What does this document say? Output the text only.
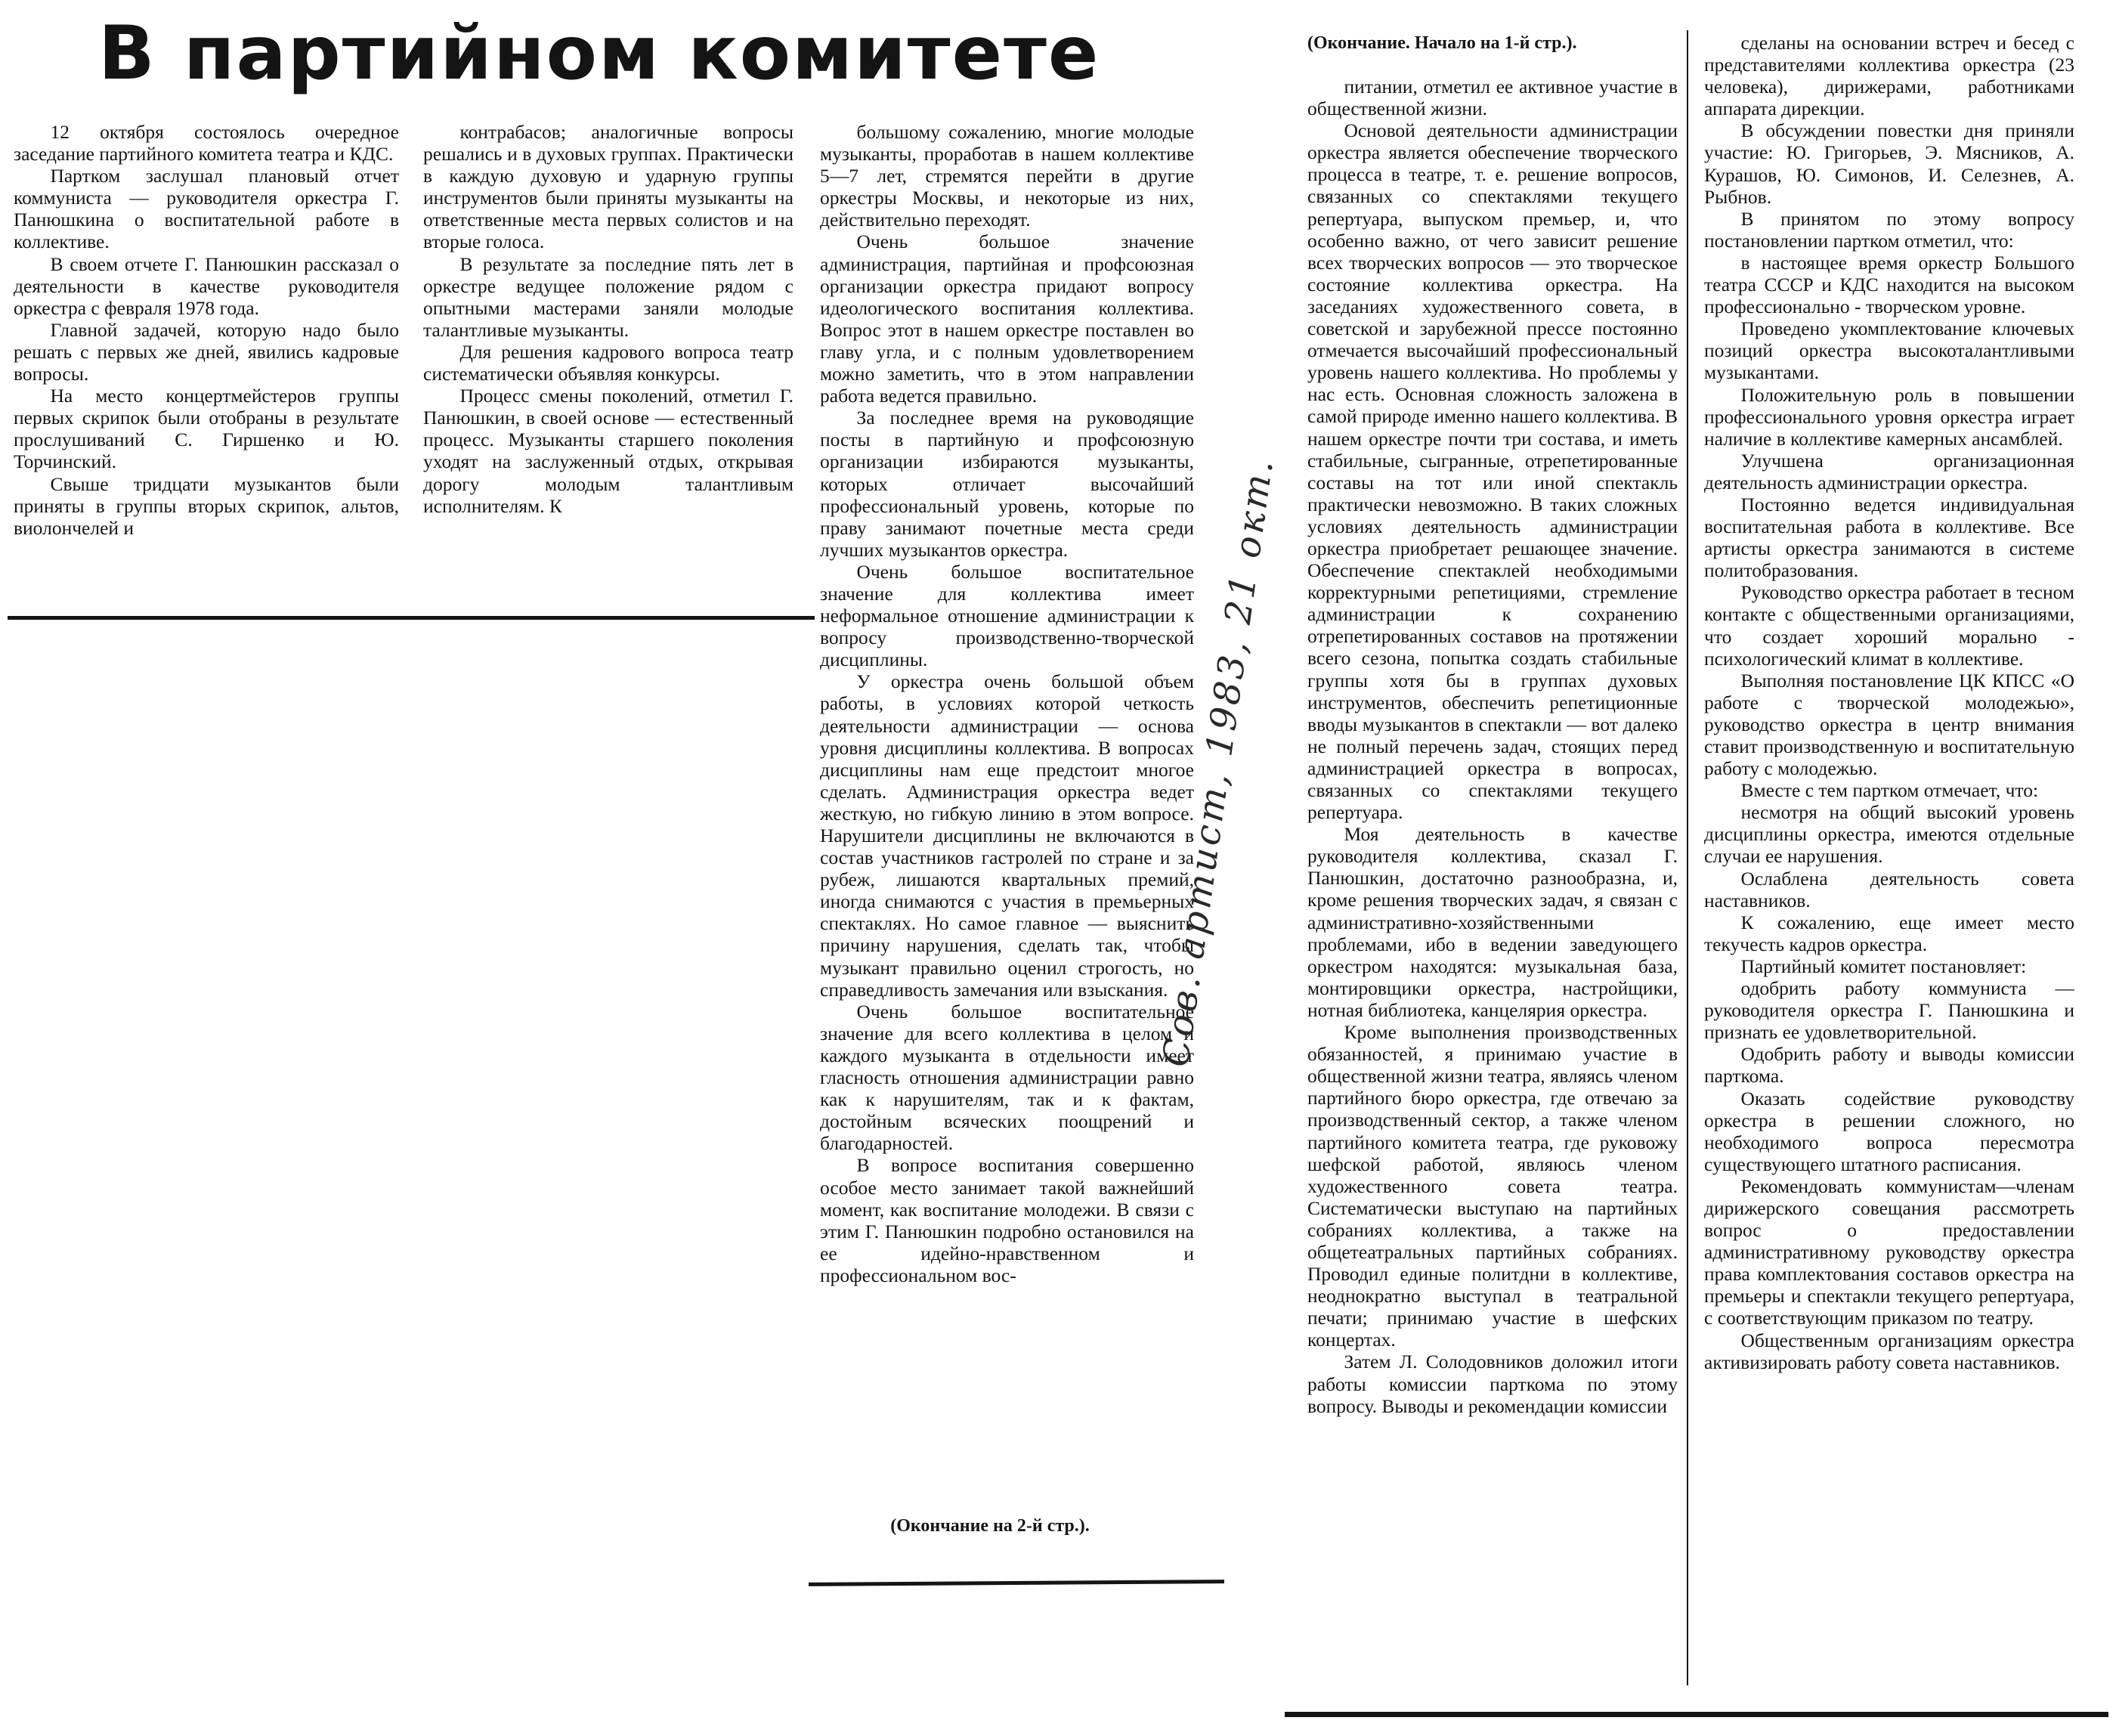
В партийном комитете	(Окончание. Начало на 1-й стр.).

12 октября состоялось очередное заседание партийного комитета театра и КДС.

Партком заслушал плановый отчет коммуниста — руководителя оркестра Г. Панюшкина о воспитательной работе в коллективе.

В своем отчете Г. Панюшкин рассказал о деятельности в качестве руководителя оркестра с февраля 1978 года.

Главной задачей, которую надо было решать с первых же дней, явились кадровые вопросы.

На место концертмейстеров группы первых скрипок были отобраны в результате прослушиваний С. Гиршенко и Ю. Торчинский.

Свыше тридцати музыкантов были приняты в группы вторых скрипок, альтов, виолончелей и

контрабасов; аналогичные вопросы решались и в духовых группах. Практически в каждую духовую и ударную группы инструментов были приняты музыканты на ответственные места первых солистов и на вторые голоса.

В результате за последние пять лет в оркестре ведущее положение рядом с опытными мастерами заняли молодые талантливые музыканты.

Для решения кадрового вопроса театр систематически объявляя конкурсы.

Процесс смены поколений, отметил Г. Панюшкин, в своей основе — естественный процесс. Музыканты старшего поколения уходят на заслуженный отдых, открывая дорогу молодым талантливым исполнителям. К

большому сожалению, многие молодые музыканты, проработав в нашем коллективе 5—7 лет, стремятся перейти в другие оркестры Москвы, и некоторые из них, действительно переходят.

Очень большое значение администрация, партийная и профсоюзная организации оркестра придают вопросу идеологического воспитания коллектива. Вопрос этот в нашем оркестре поставлен во главу угла, и с полным удовлетворением можно заметить, что в этом направлении работа ведется правильно.

За последнее время на руководящие посты в партийную и профсоюзную организации избираются музыканты, которых отличает высочайший профессиональный уровень, которые по праву занимают почетные места среди лучших музыкантов оркестра.

Очень большое воспитательное значение для коллектива имеет неформальное отношение администрации к вопросу производственно-творческой дисциплины.

У оркестра очень большой объем работы, в условиях которой четкость деятельности администрации — основа уровня дисциплины коллектива. В вопросах дисциплины нам еще предстоит многое сделать. Администрация оркестра ведет жесткую, но гибкую линию в этом вопросе. Нарушители дисциплины не включаются в состав участников гастролей по стране и за рубеж, лишаются квартальных премий, иногда снимаются с участия в премьерных спектаклях. Но самое главное — выяснить причину нарушения, сделать так, чтобы музыкант правильно оценил строгость, но справедливость замечания или взыскания.

Очень большое воспитательное значение для всего коллектива в целом и каждого музыканта в отдельности имеет гласность отношения администрации равно как к нарушителям, так и к фактам, достойным всяческих поощрений и благодарностей.

В вопросе воспитания совершенно особое место занимает такой важнейший момент, как воспитание молодежи. В связи с этим Г. Панюшкин подробно остановился на ее идейно-нравственном и профессиональном вос-

питании, отметил ее активное участие в общественной жизни.

Основой деятельности администрации оркестра является обеспечение творческого процесса в театре, т. е. решение вопросов, связанных со спектаклями текущего репертуара, выпуском премьер, и, что особенно важно, от чего зависит решение всех творческих вопросов — это творческое состояние коллектива оркестра. На заседаниях художественного совета, в советской и зарубежной прессе постоянно отмечается высочайший профессиональный уровень нашего коллектива. Но проблемы у нас есть. Основная сложность заложена в самой природе именно нашего коллектива. В нашем оркестре почти три состава, и иметь стабильные, сыгранные, отрепетированные составы на тот или иной спектакль практически невозможно. В таких сложных условиях деятельность администрации оркестра приобретает решающее значение. Обеспечение спектаклей необходимыми корректурными репетициями, стремление администрации к сохранению отрепетированных составов на протяжении всего сезона, попытка создать стабильные группы хотя бы в группах духовых инструментов, обеспечить репетиционные вводы музыкантов в спектакли — вот далеко не полный перечень задач, стоящих перед администрацией оркестра в вопросах, связанных со спектаклями текущего репертуара.

Моя деятельность в качестве руководителя коллектива, сказал Г. Панюшкин, достаточно разнообразна, и, кроме решения творческих задач, я связан с административно-хозяйственными проблемами, ибо в ведении заведующего оркестром находятся: музыкальная база, монтировщики оркестра, настройщики, нотная библиотека, канцелярия оркестра.

Кроме выполнения производственных обязанностей, я принимаю участие в общественной жизни театра, являясь членом партийного бюро оркестра, где отвечаю за производственный сектор, а также членом партийного комитета театра, где руковожу шефской работой, являюсь членом художественного совета театра. Систематически выступаю на партийных собраниях коллектива, а также на общетеатральных партийных собраниях. Проводил единые политдни в коллективе, неоднократно выступал в театральной печати; принимаю участие в шефских концертах.

Затем Л. Солодовников доложил итоги работы комиссии парткома по этому вопросу. Выводы и рекомендации комиссии

сделаны на основании встреч и бесед с представителями коллектива оркестра (23 человека), дирижерами, работниками аппарата дирекции.

В обсуждении повестки дня приняли участие: Ю. Григорьев, Э. Мясников, А. Курашов, Ю. Симонов, И. Селезнев, А. Рыбнов.

В принятом по этому вопросу постановлении партком отметил, что:

в настоящее время оркестр Большого театра СССР и КДС находится на высоком профессионально - творческом уровне.

Проведено укомплектование ключевых позиций оркестра высокоталантливыми музыкантами.

Положительную роль в повышении профессионального уровня оркестра играет наличие в коллективе камерных ансамблей.

Улучшена организационная деятельность администрации оркестра.

Постоянно ведется индивидуальная воспитательная работа в коллективе. Все артисты оркестра занимаются в системе политобразования.

Руководство оркестра работает в тесном контакте с общественными организациями, что создает хороший морально - психологический климат в коллективе.

Выполняя постановление ЦК КПСС «О работе с творческой молодежью», руководство оркестра в центр внимания ставит производственную и воспитательную работу с молодежью.

Вместе с тем партком отмечает, что:

несмотря на общий высокий уровень дисциплины оркестра, имеются отдельные случаи ее нарушения.

Ослаблена деятельность совета наставников.

К сожалению, еще имеет место текучесть кадров оркестра.

Партийный комитет постановляет:

одобрить работу коммуниста — руководителя оркестра Г. Панюшкина и признать ее удовлетворительной.

Одобрить работу и выводы комиссии парткома.

Оказать содействие руководству оркестра в решении сложного, но необходимого вопроса пересмотра существующего штатного расписания.

Рекомендовать коммунистам—членам дирижерского совещания рассмотреть вопрос о предоставлении административному руководству оркестра права комплектования составов оркестра на премьеры и спектакли текущего репертуара, с соответствующим приказом по театру.

Общественным организациям оркестра активизировать работу совета наставников.

(Окончание на 2-й стр.).
Сов. артист, 1983, 21 окт.
